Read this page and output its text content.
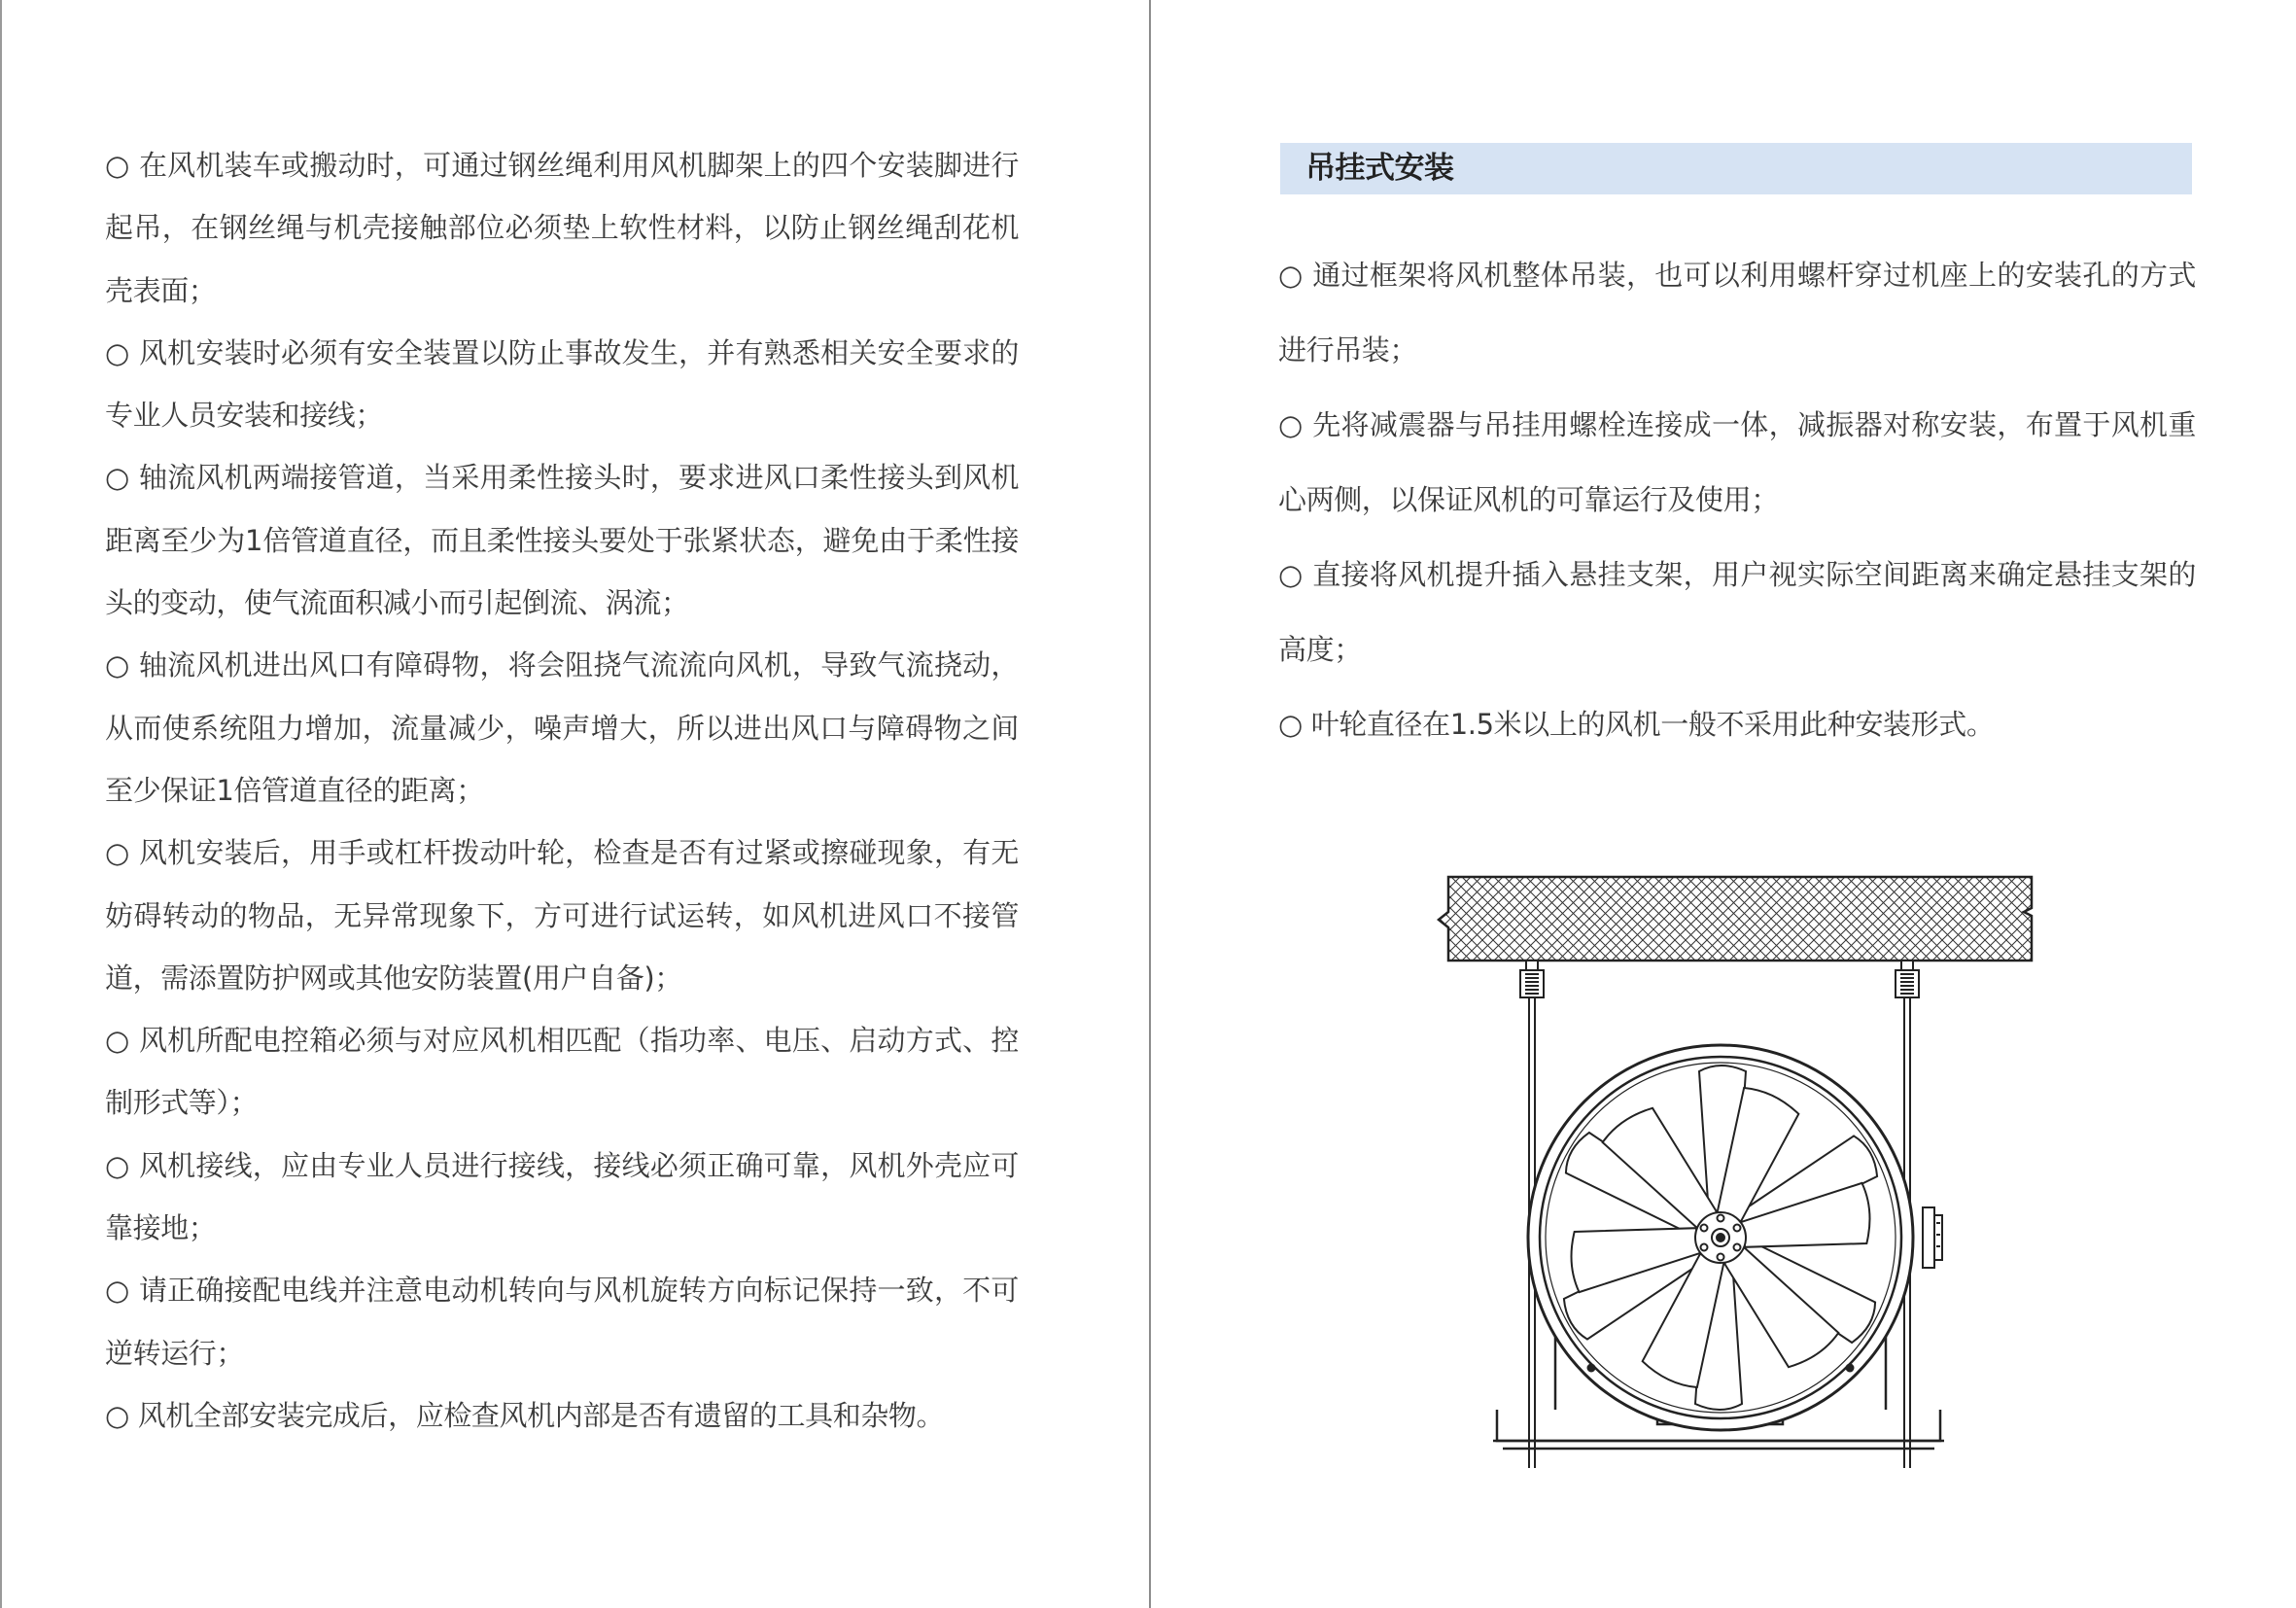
○ 在风机装车或搬动时，可通过钢丝绳利用风机脚架上的四个安装脚进行起吊，在钢丝绳与机壳接触部位必须垫上软性材料，以防止钢丝绳刮花机壳表面；

○ 风机安装时必须有安全装置以防止事故发生，并有熟悉相关安全要求的专业人员安装和接线；

○ 轴流风机两端接管道，当采用柔性接头时，要求进风口柔性接头到风机距离至少为1倍管道直径，而且柔性接头要处于张紧状态，避免由于柔性接头的变动，使气流面积减小而引起倒流、涡流；

○ 轴流风机进出风口有障碍物，将会阻挠气流流向风机，导致气流挠动，从而使系统阻力增加，流量减少，噪声增大，所以进出风口与障碍物之间至少保证1倍管道直径的距离；

○ 风机安装后，用手或杠杆拨动叶轮，检查是否有过紧或擦碰现象，有无妨碍转动的物品，无异常现象下，方可进行试运转，如风机进风口不接管道，需添置防护网或其他安防装置(用户自备)；

○ 风机所配电控箱必须与对应风机相匹配（指功率、电压、启动方式、控制形式等）；

○ 风机接线，应由专业人员进行接线，接线必须正确可靠，风机外壳应可靠接地；

○ 请正确接配电线并注意电动机转向与风机旋转方向标记保持一致，不可逆转运行；

○ 风机全部安装完成后，应检查风机内部是否有遗留的工具和杂物。

吊挂式安装

○ 通过框架将风机整体吊装，也可以利用螺杆穿过机座上的安装孔的方式进行吊装；

○ 先将减震器与吊挂用螺栓连接成一体，减振器对称安装，布置于风机重心两侧，以保证风机的可靠运行及使用；

○ 直接将风机提升插入悬挂支架，用户视实际空间距离来确定悬挂支架的高度；

○ 叶轮直径在1.5米以上的风机一般不采用此种安装形式。
